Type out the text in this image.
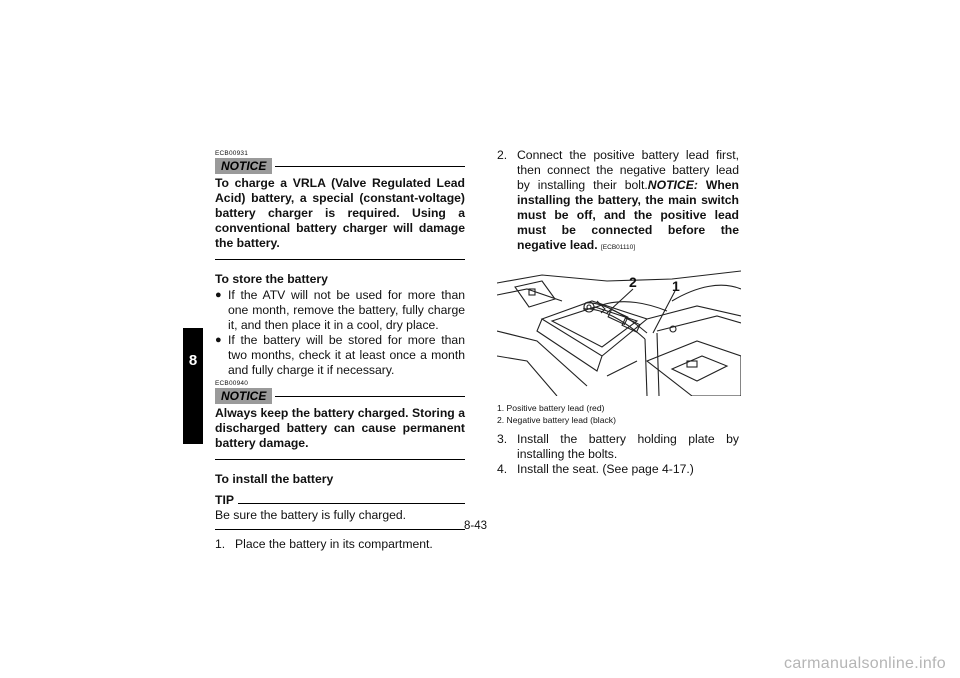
8
ECB00931
NOTICE
To charge a VRLA (Valve Regulated Lead Acid) battery, a special (constant-voltage) battery charger is required. Using a conventional battery charger will damage the battery.
To store the battery
● If the ATV will not be used for more than one month, remove the battery, fully charge it, and then place it in a cool, dry place.
● If the battery will be stored for more than two months, check it at least once a month and fully charge it if necessary.
ECB00940
NOTICE
Always keep the battery charged. Storing a discharged battery can cause permanent battery damage.
To install the battery
TIP
Be sure the battery is fully charged.
1. Place the battery in its compartment.
2. Connect the positive battery lead first, then connect the negative battery lead by installing their bolt.NOTICE: When installing the battery, the main switch must be off, and the positive lead must be connected before the negative lead. [ECB01110]
2	1
1. Positive battery lead (red)
2. Negative battery lead (black)
3. Install the battery holding plate by installing the bolts.
4. Install the seat. (See page 4-17.)
8-43
carmanualsonline.info
